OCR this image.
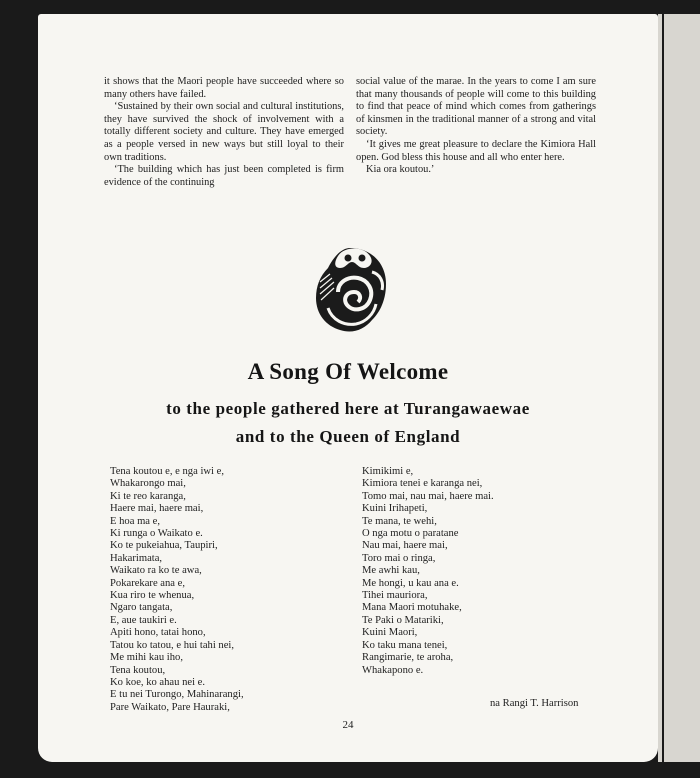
it shows that the Maori people have succeeded where so many others have failed.

‘Sustained by their own social and cultural institutions, they have survived the shock of involvement with a totally different society and culture. They have emerged as a people versed in new ways but still loyal to their own traditions.

‘The building which has just been completed is firm evidence of the continuing

social value of the marae. In the years to come I am sure that many thousands of people will come to this building to find that peace of mind which comes from gatherings of kinsmen in the traditional manner of a strong and vital society.

‘It gives me great pleasure to declare the Kimiora Hall open. God bless this house and all who enter here.

Kia ora koutou.’

A Song Of Welcome
to the people gathered here at Turangawaewae
and to the Queen of England
Tena koutou e, e nga iwi e,
Whakarongo mai,
Ki te reo karanga,
Haere mai, haere mai,
E hoa ma e,
Ki runga o Waikato e.
Ko te pukeiahua, Taupiri,
Hakarimata,
Waikato ra ko te awa,
Pokarekare ana e,
Kua riro te whenua,
Ngaro tangata,
E, aue taukiri e.
Apiti hono, tatai hono,
Tatou ko tatou, e hui tahi nei,
Me mihi kau iho,
Tena koutou,
Ko koe, ko ahau nei e.
E tu nei Turongo, Mahinarangi,
Pare Waikato, Pare Hauraki,
Kimikimi e,
Kimiora tenei e karanga nei,
Tomo mai, nau mai, haere mai.
Kuini Irihapeti,
Te mana, te wehi,
O nga motu o paratane
Nau mai, haere mai,
Toro mai o ringa,
Me awhi kau,
Me hongi, u kau ana e.
Tihei mauriora,
Mana Maori motuhake,
Te Paki o Matariki,
Kuini Maori,
Ko taku mana tenei,
Rangimarie, te aroha,
Whakapono e.
na Rangi T. Harrison
24
